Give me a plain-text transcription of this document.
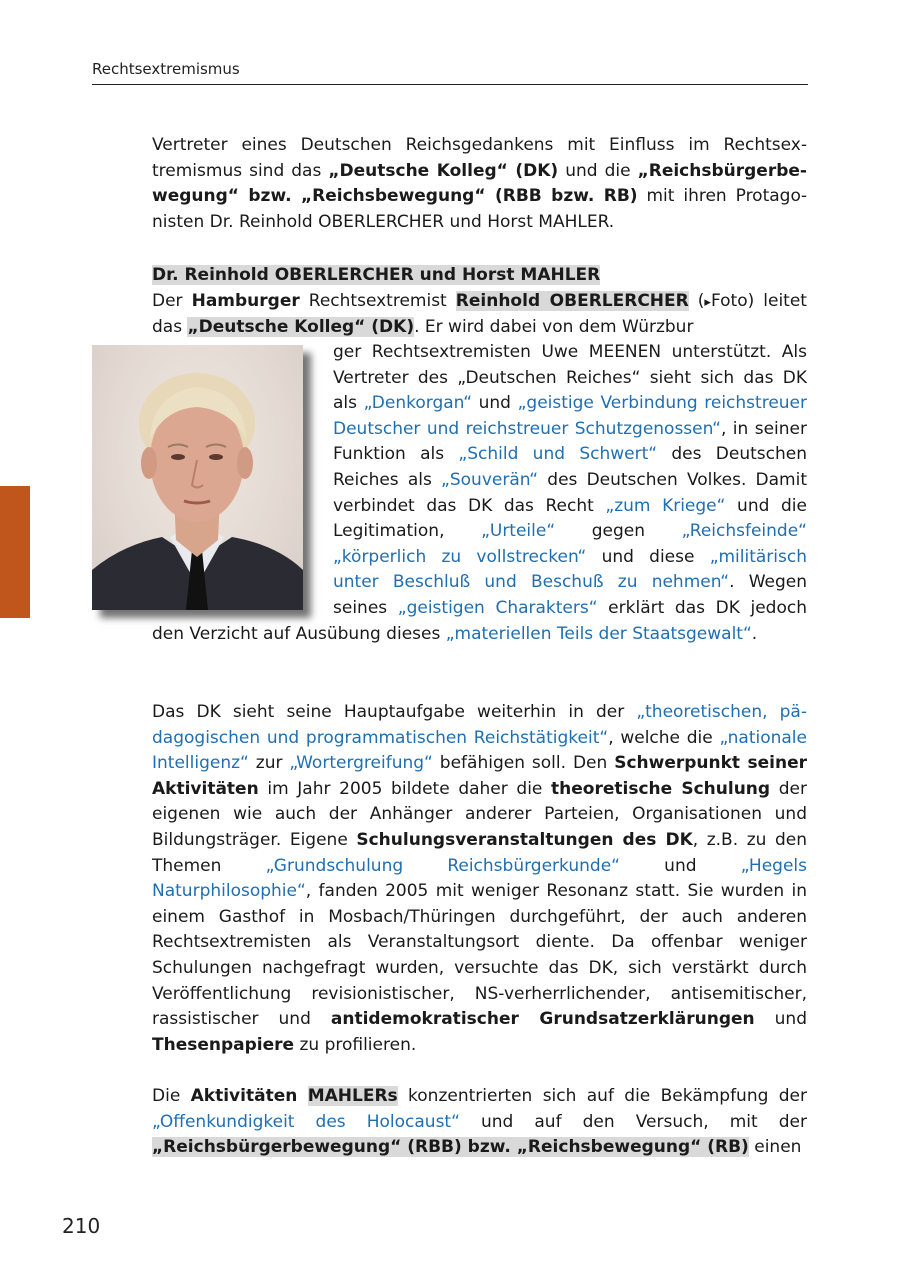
Rechtsextremismus
Vertreter eines Deutschen Reichsgedankens mit Einfluss im Rechtsextremismus sind das „Deutsche Kolleg“ (DK) und die „Reichsbürgerbewegung“ bzw. „Reichsbewegung“ (RBB bzw. RB) mit ihren Protagonisten Dr. Reinhold OBERLERCHER und Horst MAHLER.
Dr. Reinhold OBERLERCHER und Horst MAHLER
Der Hamburger Rechtsextremist Reinhold OBERLERCHER (▸Foto) leitet das „Deutsche Kolleg“ (DK). Er wird dabei von dem Würzbur
ger Rechtsextremisten Uwe MEENEN unterstützt. Als Vertreter des „Deutschen Reiches“ sieht sich das DK als „Denkorgan“ und „geistige Verbindung reichstreuer Deutscher und reichstreuer Schutzgenossen“, in seiner Funktion als „Schild und Schwert“ des Deutschen Reiches als „Souverän“ des Deutschen Volkes. Damit verbindet das DK das Recht „zum Kriege“ und die Legitimation, „Urteile“ gegen „Reichsfeinde“ „körperlich zu vollstrecken“ und diese „militärisch unter Beschluß und Beschuß zu nehmen“. Wegen seines „geistigen Charakters“ erklärt das DK jedoch den Verzicht auf Ausübung dieses „materiellen Teils der Staatsgewalt“.
Das DK sieht seine Hauptaufgabe weiterhin in der „theoretischen, pädagogischen und programmatischen Reichstätigkeit“, welche die „nationale Intelligenz“ zur „Wortergreifung“ befähigen soll. Den Schwerpunkt seiner Aktivitäten im Jahr 2005 bildete daher die theoretische Schulung der eigenen wie auch der Anhänger anderer Parteien, Organisationen und Bildungsträger. Eigene Schulungsveranstaltungen des DK, z.B. zu den Themen „Grundschulung Reichsbürgerkunde“ und „Hegels Naturphilosophie“, fanden 2005 mit weniger Resonanz statt. Sie wurden in einem Gasthof in Mosbach/Thüringen durchgeführt, der auch anderen Rechtsextremisten als Veranstaltungsort diente. Da offenbar weniger Schulungen nachgefragt wurden, versuchte das DK, sich verstärkt durch Veröffentlichung revisionistischer, NS-verherrlichender, antisemitischer, rassistischer und antidemokratischer Grundsatzerklärungen und Thesenpapiere zu profilieren.
Die Aktivitäten MAHLERs konzentrierten sich auf die Bekämpfung der „Offenkundigkeit des Holocaust“ und auf den Versuch, mit der „Reichsbürgerbewegung“ (RBB) bzw. „Reichsbewegung“ (RB) einen
210
